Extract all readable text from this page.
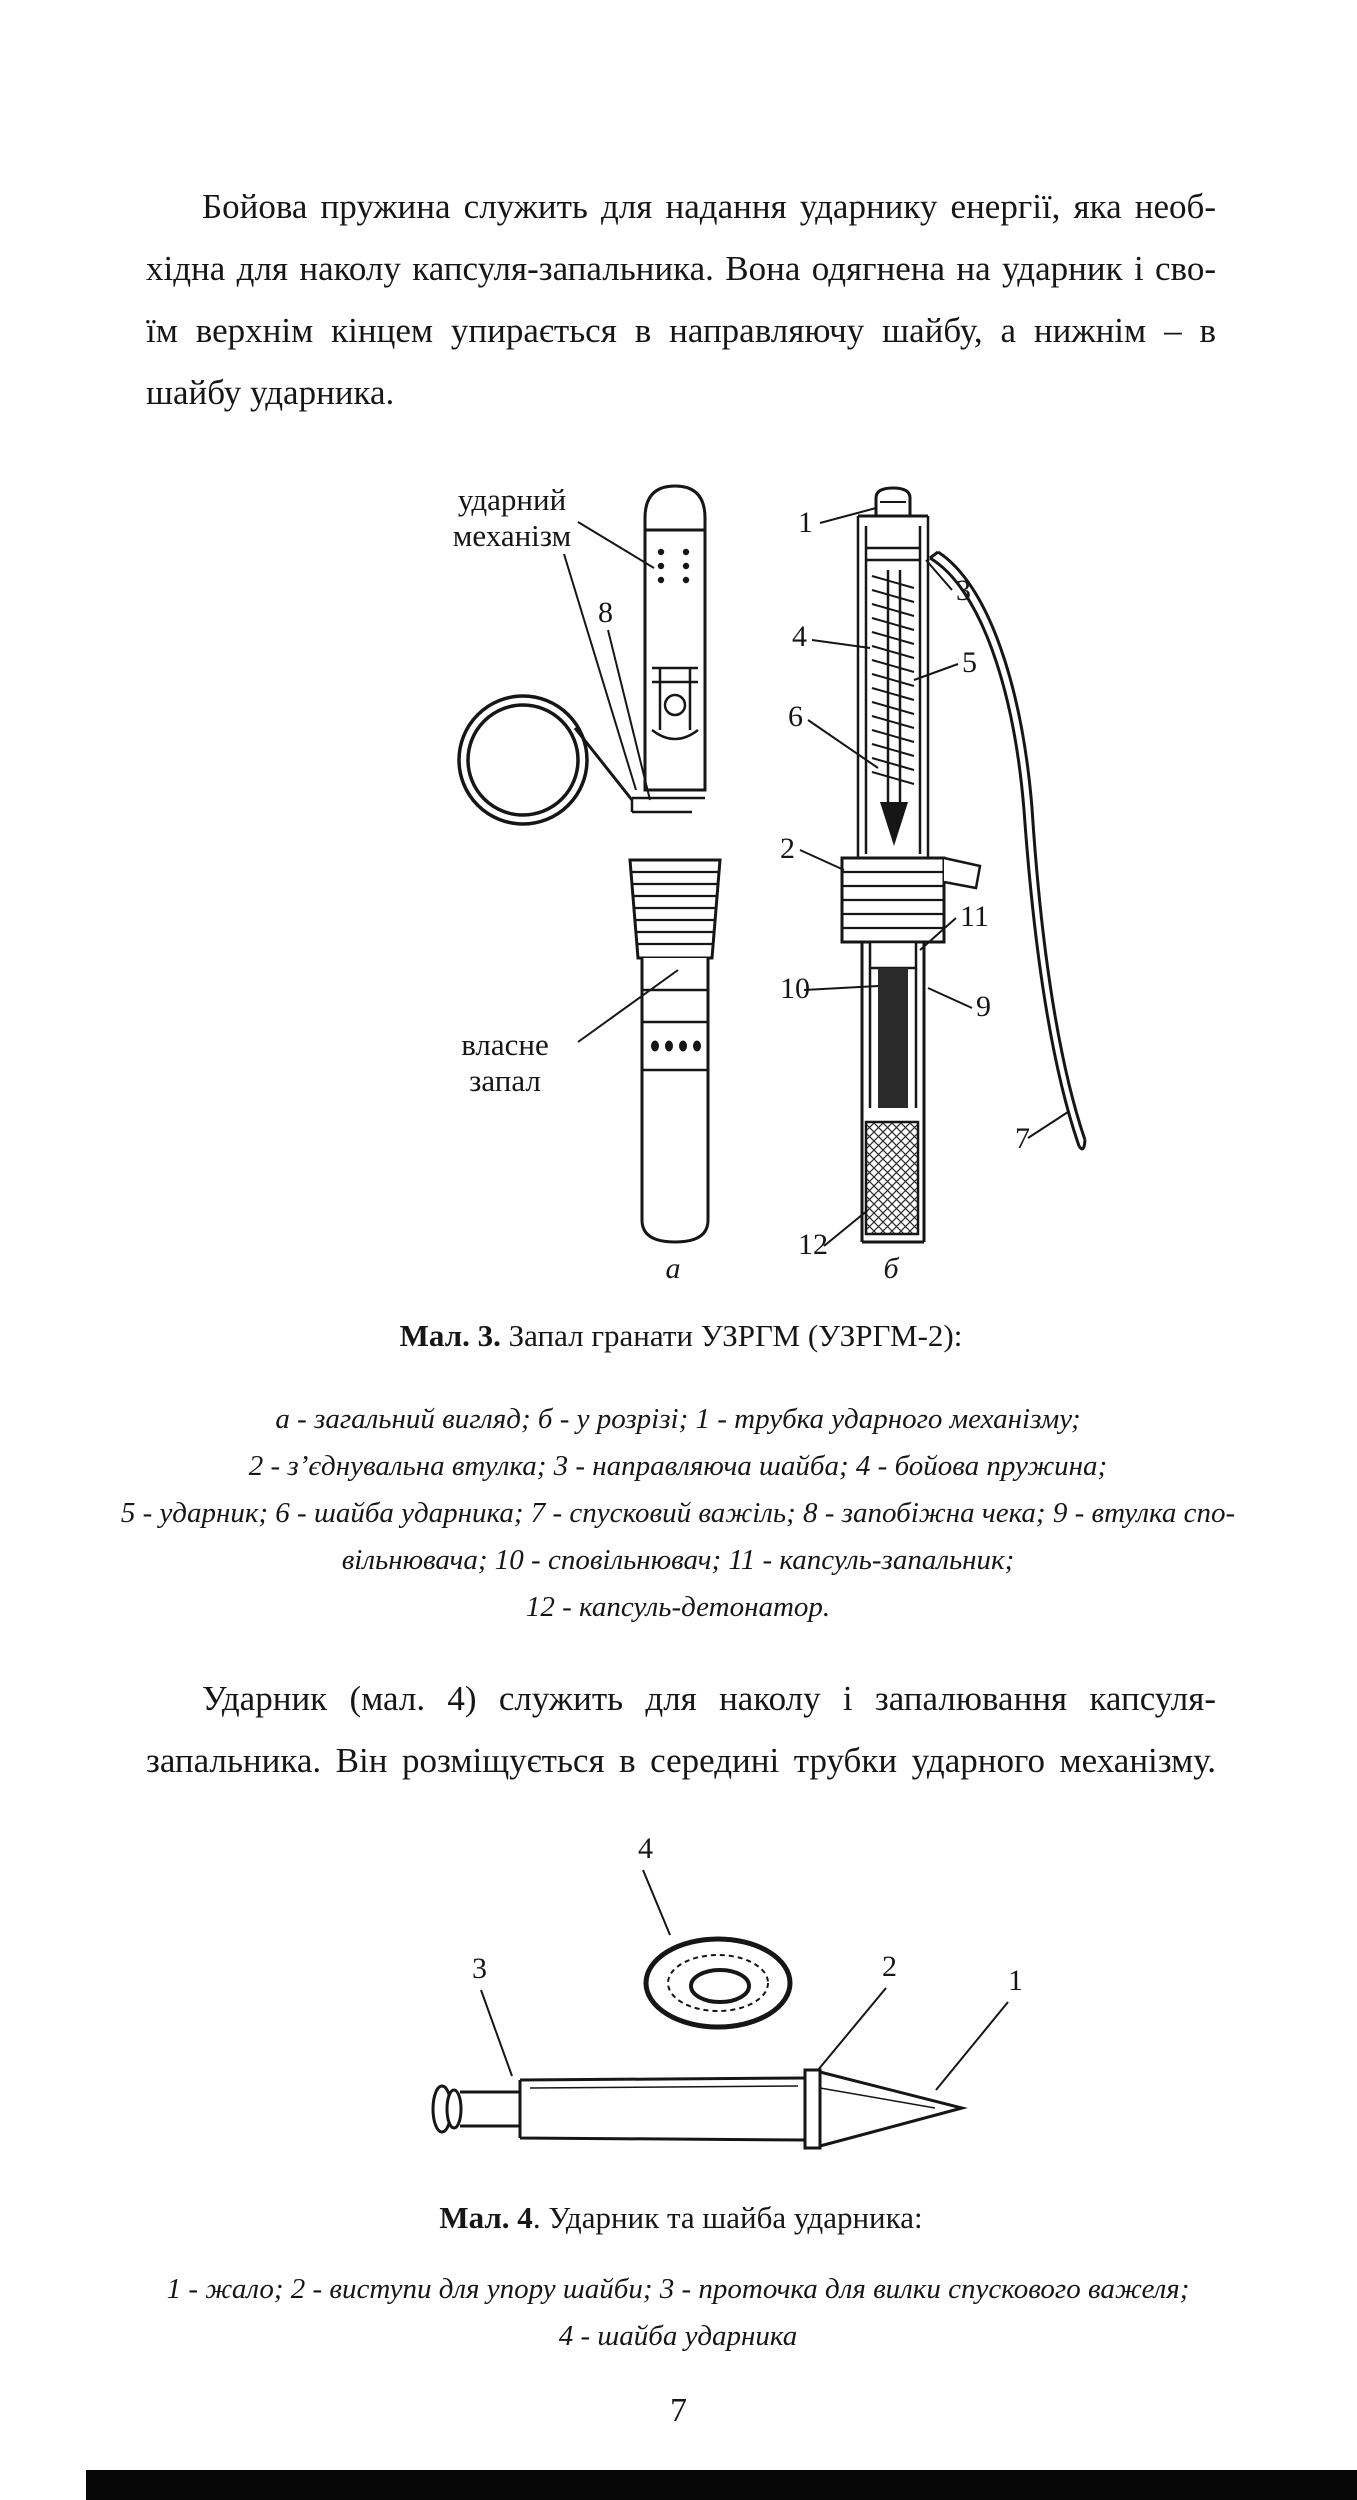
Бойова пружина служить для надання ударнику енергії, яка необ-
хідна для наколу капсуля-запальника. Вона одягнена на ударник і сво-
їм верхнім кінцем упирається в направляючу шайбу, а нижнім – в
шайбу ударника.
ударний
механізм
8
власне
запал
1
3
4
5
6
2
11
10
9
7
12
а	б
Мал. 3. Запал гранати УЗРГМ (УЗРГМ-2):
а - загальний вигляд; б - у розрізі; 1 - трубка ударного механізму;
2 - з’єднувальна втулка; 3 - направляюча шайба; 4 - бойова пружина;
5 - ударник; 6 - шайба ударника; 7 - спусковий важіль; 8 - запобіжна чека; 9 - втулка спо-
вільнювача; 10 - сповільнювач; 11 - капсуль-запальник;
12 - капсуль-детонатор.
Ударник (мал. 4) служить для наколу і запалювання капсуля-
запальника. Він розміщується в середині трубки ударного механізму.
4
3	2	1
Мал. 4. Ударник та шайба ударника:
1 - жало; 2 - виступи для упору шайби; 3 - проточка для вилки спускового важеля;
4 - шайба ударника
7
